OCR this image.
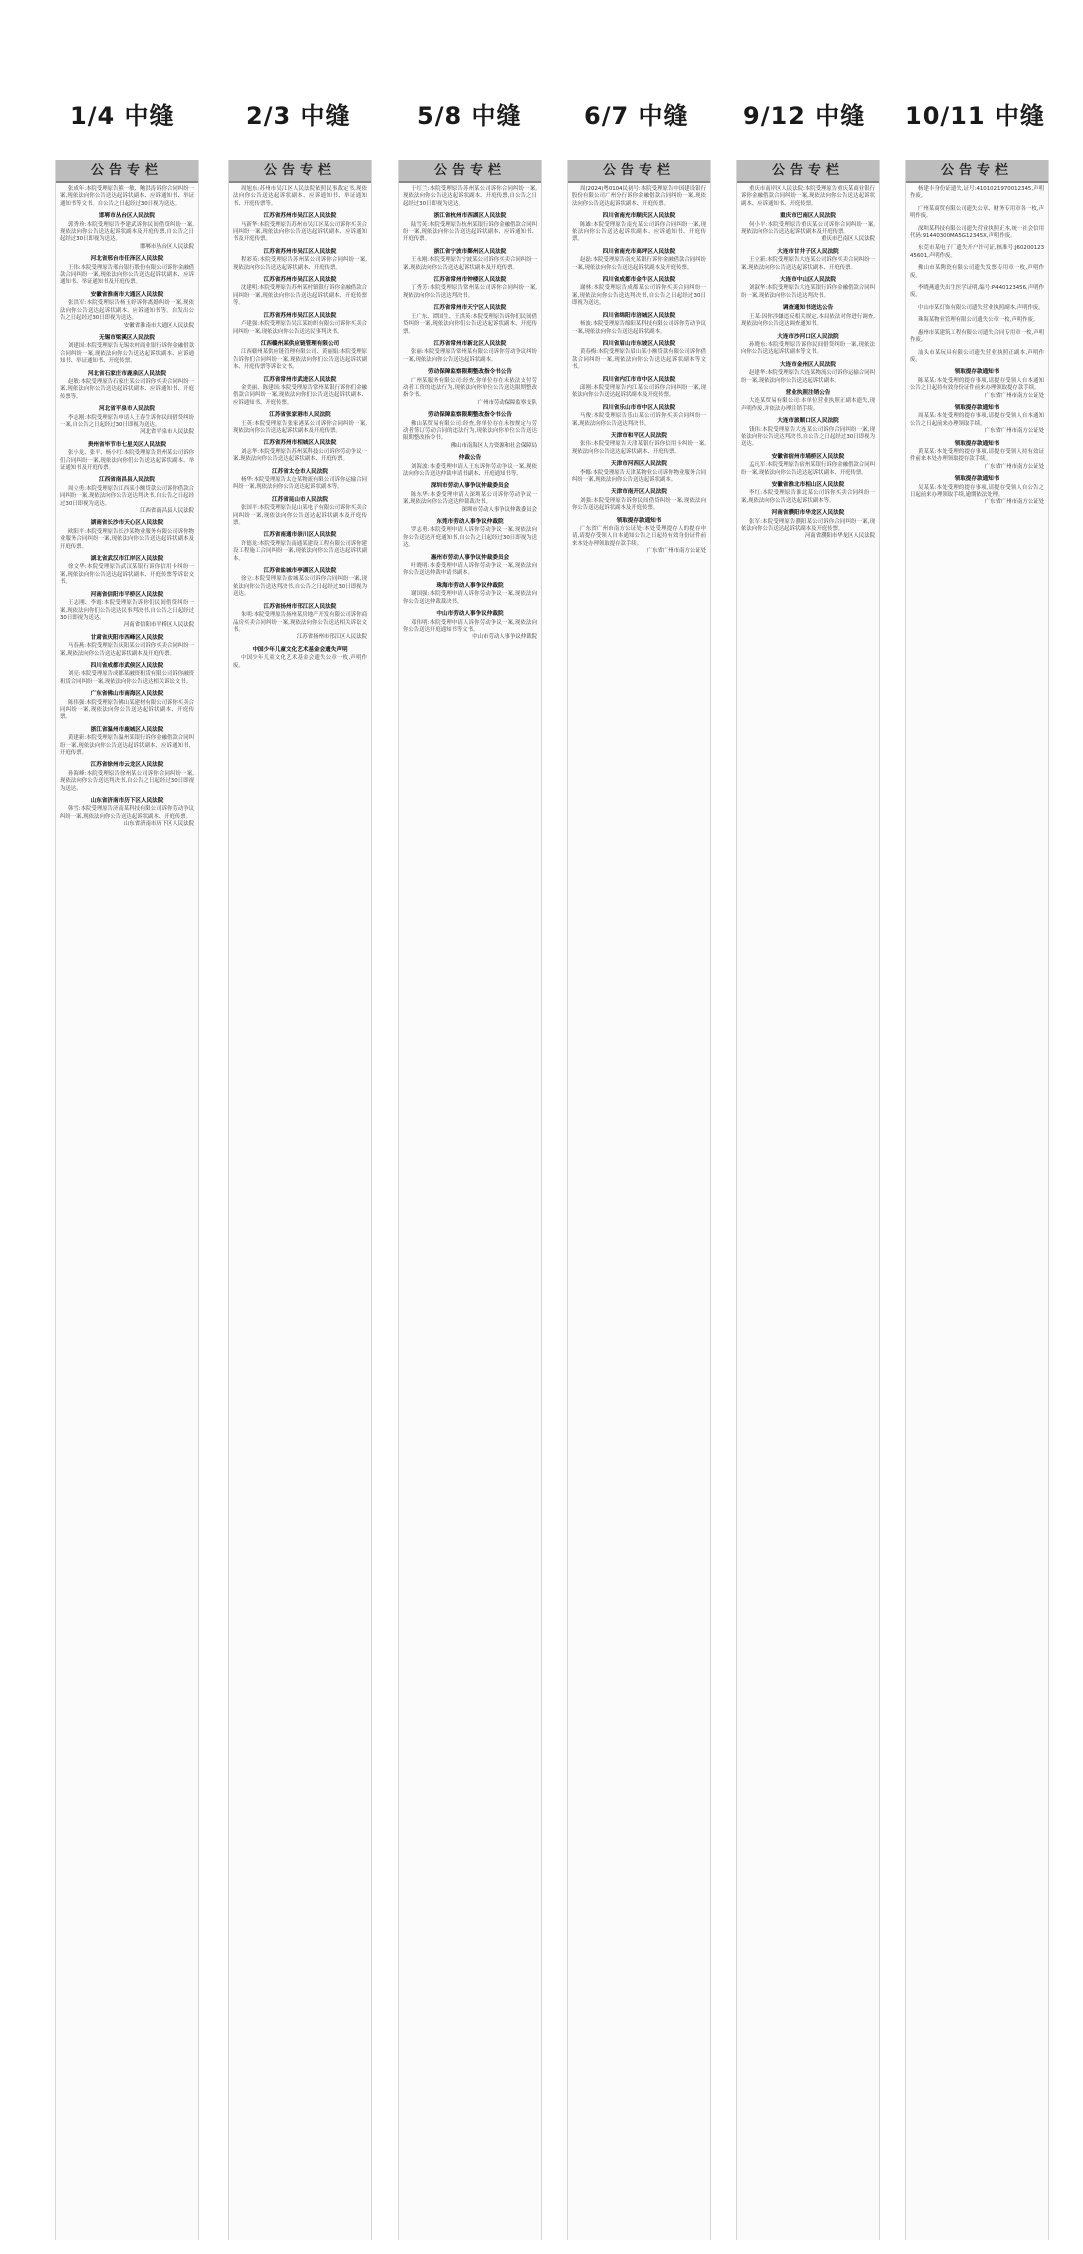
1/4 中缝	2/3 中缝	5/8 中缝	6/7 中缝 9/12 中缝 10/11 中缝
公告专栏

张成年:本院受理原告熊一敏、鲍洪涛诉你合同纠纷一案,现依法向你公告送达起诉状副本、应诉通知书、举证通知书等文书。自公告之日起经过30日视为送达。

邯郸市丛台区人民法院

郭秀珍:本院受理原告李建武诉你民间借贷纠纷一案,现依法向你公告送达起诉状副本及开庭传票,自公告之日起经过30日即视为送达。

邯郸市丛台区人民法院

河北省邢台市任泽区人民法院

王伟:本院受理原告邢台银行股份有限公司诉你金融借款合同纠纷一案,现依法向你公告送达起诉状副本、应诉通知书、举证通知书及开庭传票。

安徽省淮南市大通区人民法院

张洪军:本院受理原告杨玉婷诉你离婚纠纷一案,现依法向你公告送达起诉状副本、应诉通知书等。自发出公告之日起经过30日即视为送达。

安徽省淮南市大通区人民法院

无锡市梁溪区人民法院

刘建国:本院受理原告无锡农村商业银行诉你金融借款合同纠纷一案,现依法向你公告送达起诉状副本、应诉通知书、举证通知书、开庭传票。

河北省石家庄市鹿泉区人民法院

赵敏:本院受理原告石家庄某公司诉你买卖合同纠纷一案,现依法向你公告送达起诉状副本、应诉通知书、开庭传票等。

河北省平泉市人民法院

李志刚:本院受理原告申请人王春生诉你民间借贷纠纷一案,自公告之日起经过30日即视为送达。

河北省平泉市人民法院

贵州省毕节市七星关区人民法院

张小龙、张平、杨小红:本院受理原告贵州某公司诉你们合同纠纷一案,现依法向你们公告送达起诉状副本、举证通知书及开庭传票。

江西省南昌县人民法院

周立勇:本院受理原告江西某小额贷款公司诉你借款合同纠纷一案,现依法向你公告送达判决书,自公告之日起经过30日即视为送达。

江西省南昌县人民法院

湖南省长沙市天心区人民法院

欧阳平:本院受理原告长沙某物业服务有限公司诉你物业服务合同纠纷一案,现依法向你公告送达起诉状副本及开庭传票。

湖北省武汉市江岸区人民法院

徐文华:本院受理原告武汉某银行诉你信用卡纠纷一案,现依法向你公告送达起诉状副本、开庭传票等诉讼文书。

河南省信阳市平桥区人民法院

王志刚、李霞:本院受理原告诉你们民间借贷纠纷一案,现依法向你们公告送达民事判决书,自公告之日起经过30日即视为送达。

河南省信阳市平桥区人民法院

甘肃省庆阳市西峰区人民法院

马春燕:本院受理原告庆阳某公司诉你买卖合同纠纷一案,现依法向你公告送达起诉状副本及开庭传票。

四川省成都市武侯区人民法院

刘亮:本院受理原告成都某融资租赁有限公司诉你融资租赁合同纠纷一案,现依法向你公告送达相关诉讼文书。

广东省佛山市南海区人民法院

陈伟强:本院受理原告佛山某建材有限公司诉你买卖合同纠纷一案,现依法向你公告送达起诉状副本、开庭传票。

浙江省温州市鹿城区人民法院

黄建新:本院受理原告温州某银行诉你金融借款合同纠纷一案,现依法向你公告送达起诉状副本、应诉通知书、开庭传票。

江苏省徐州市云龙区人民法院

孙海峰:本院受理原告徐州某公司诉你合同纠纷一案,现依法向你公告送达判决书,自公告之日起经过30日即视为送达。

山东省济南市历下区人民法院

韩雪:本院受理原告济南某科技有限公司诉你劳动争议纠纷一案,现依法向你公告送达起诉状副本、开庭传票。

山东省济南市历下区人民法院

公告专栏

周旭东:苏州市吴江区人民法院依照民事裁定书,现依法向你公告送达起诉状副本、应诉通知书、举证通知书、开庭传票等。

江苏省苏州市吴江区人民法院

马新华:本院受理原告苏州市吴江区某公司诉你买卖合同纠纷一案,现依法向你公告送达起诉状副本、应诉通知书及开庭传票。

江苏省苏州市吴江区人民法院

程彩英:本院受理原告苏州某公司诉你合同纠纷一案,现依法向你公告送达起诉状副本、开庭传票。

江苏省苏州市吴江区人民法院

沈建明:本院受理原告苏州某村镇银行诉你金融借款合同纠纷一案,现依法向你公告送达起诉状副本、开庭传票等。

江苏省苏州市吴江区人民法院

卢建强:本院受理原告吴江某纺织有限公司诉你买卖合同纠纷一案,现依法向你公告送达民事判决书。

江西赣州某供应链管理有限公司

江西赣州某供应链管理有限公司、黄丽娟:本院受理原告诉你们合同纠纷一案,现依法向你们公告送达起诉状副本、开庭传票等诉讼文书。

江苏省常州市武进区人民法院

金美丽、陈建国:本院受理原告常州某银行诉你们金融借款合同纠纷一案,现依法向你们公告送达起诉状副本、应诉通知书、开庭传票。

江苏省张家港市人民法院

王英:本院受理原告张家港某公司诉你合同纠纷一案,现依法向你公告送达起诉状副本及开庭传票。

江苏省苏州市相城区人民法院

刘志华:本院受理原告苏州某科技公司诉你劳动争议一案,现依法向你公告送达起诉状副本、开庭传票。

江苏省太仓市人民法院

杨华:本院受理原告太仓某物流有限公司诉你运输合同纠纷一案,现依法向你公告送达起诉状副本等。

江苏省昆山市人民法院

张国平:本院受理原告昆山某电子有限公司诉你买卖合同纠纷一案,现依法向你公告送达起诉状副本及开庭传票。

江苏省南通市崇川区人民法院

许德龙:本院受理原告南通某建设工程有限公司诉你建设工程施工合同纠纷一案,现依法向你公告送达起诉状副本。

江苏省盐城市亭湖区人民法院

徐立:本院受理原告盐城某公司诉你合同纠纷一案,现依法向你公告送达判决书,自公告之日起经过30日即视为送达。

江苏省扬州市邗江区人民法院

朱明:本院受理原告扬州某房地产开发有限公司诉你商品房买卖合同纠纷一案,现依法向你公告送达相关诉讼文书。

江苏省扬州市邗江区人民法院

中国少年儿童文化艺术基金会遗失声明

中国少年儿童文化艺术基金会遗失公章一枚,声明作废。

公告专栏

于红兰:本院受理原告苏州某公司诉你合同纠纷一案,现依法向你公告送达起诉状副本、开庭传票,自公告之日起经过30日即视为送达。

浙江省杭州市西湖区人民法院

陆雪英:本院受理原告杭州某银行诉你金融借款合同纠纷一案,现依法向你公告送达起诉状副本、应诉通知书、开庭传票。

浙江省宁波市鄞州区人民法院

王永刚:本院受理原告宁波某公司诉你买卖合同纠纷一案,现依法向你公告送达起诉状副本及开庭传票。

江苏省常州市钟楼区人民法院

丁秀芳:本院受理原告常州某公司诉你合同纠纷一案,现依法向你公告送达判决书。

江苏省常州市天宁区人民法院

王广东、谭国生、王洪英:本院受理原告诉你们民间借贷纠纷一案,现依法向你们公告送达起诉状副本、开庭传票。

江苏省常州市新北区人民法院

张丽:本院受理原告常州某有限公司诉你劳动争议纠纷一案,现依法向你公告送达起诉状副本。

劳动保障监察限期整改指令书公告

广州某服务有限公司:经查,你单位存在未依法支付劳动者工资的违法行为,现依法向你单位公告送达限期整改指令书。

广州市劳动保障监察支队

劳动保障监察限期整改指令书公告

佛山某贸易有限公司:经查,你单位存在未按规定与劳动者签订劳动合同的违法行为,现依法向你单位公告送达限期整改指令书。

佛山市南海区人力资源和社会保障局

仲裁公告

刘海波:本委受理申请人王东诉你劳动争议一案,现依法向你公告送达仲裁申请书副本、开庭通知书等。

深圳市劳动人事争议仲裁委员会

陈东华:本委受理申请人深圳某公司诉你劳动争议一案,现依法向你公告送达仲裁裁决书。

深圳市劳动人事争议仲裁委员会

东莞市劳动人事争议仲裁院

罗志勇:本院受理申请人诉你劳动争议一案,现依法向你公告送达开庭通知书,自公告之日起经过30日即视为送达。

惠州市劳动人事争议仲裁委员会

叶晓明:本委受理申请人诉你劳动争议一案,现依法向你公告送达仲裁申请书副本。

珠海市劳动人事争议仲裁院

谢国强:本院受理申请人诉你劳动争议一案,现依法向你公告送达仲裁裁决书。

中山市劳动人事争议仲裁院

邓伟明:本院受理申请人诉你劳动争议一案,现依法向你公告送达开庭通知书等文书。

中山市劳动人事争议仲裁院

公告专栏

周(2024)粤0104民初号:本院受理原告中国建设银行股份有限公司广州分行诉你金融借款合同纠纷一案,现依法向你公告送达起诉状副本、开庭传票。

四川省南充市顺庆区人民法院

陈雄:本院受理原告南充某公司诉你合同纠纷一案,现依法向你公告送达起诉状副本、应诉通知书、开庭传票。

四川省南充市高坪区人民法院

赵磊:本院受理原告南充某银行诉你金融借款合同纠纷一案,现依法向你公告送达起诉状副本及开庭传票。

四川省成都市金牛区人民法院

谢林:本院受理原告成都某公司诉你买卖合同纠纷一案,现依法向你公告送达判决书,自公告之日起经过30日即视为送达。

四川省绵阳市涪城区人民法院

杨波:本院受理原告绵阳某科技有限公司诉你劳动争议一案,现依法向你公告送达起诉状副本。

四川省眉山市东坡区人民法院

黄春梅:本院受理原告眉山某小额贷款有限公司诉你借款合同纠纷一案,现依法向你公告送达起诉状副本等文书。

四川省内江市市中区人民法院

邱刚:本院受理原告内江某公司诉你合同纠纷一案,现依法向你公告送达起诉状副本及开庭传票。

四川省乐山市市中区人民法院

马俊:本院受理原告乐山某公司诉你买卖合同纠纷一案,现依法向你公告送达判决书。

天津市和平区人民法院

张伟:本院受理原告天津某银行诉你信用卡纠纷一案,现依法向你公告送达起诉状副本、开庭传票。

天津市河西区人民法院

李娜:本院受理原告天津某物业公司诉你物业服务合同纠纷一案,现依法向你公告送达起诉状副本。

天津市南开区人民法院

刘强:本院受理原告诉你民间借贷纠纷一案,现依法向你公告送达起诉状副本及开庭传票。

领取提存款通知书

广东省广州市南方公证处:本处受理提存人的提存申请,请提存受领人自本通知公告之日起持有效身份证件前来本处办理领取提存款手续。

广东省广州市南方公证处

公告专栏

重庆市南岸区人民法院:本院受理原告重庆某商业银行诉你金融借款合同纠纷一案,现依法向你公告送达起诉状副本、应诉通知书、开庭传票。

重庆市巴南区人民法院

何小平:本院受理原告重庆某公司诉你合同纠纷一案,现依法向你公告送达起诉状副本及开庭传票。

重庆市巴南区人民法院

大连市甘井子区人民法院

王立新:本院受理原告大连某公司诉你买卖合同纠纷一案,现依法向你公告送达起诉状副本、开庭传票。

大连市中山区人民法院

刘淑华:本院受理原告大连某银行诉你金融借款合同纠纷一案,现依法向你公告送达判决书。

调查通知书送达公告

王某:因你涉嫌违反相关规定,本局依法对你进行调查,现依法向你公告送达调查通知书。

大连市沙河口区人民法院

孙晓东:本院受理原告诉你民间借贷纠纷一案,现依法向你公告送达起诉状副本等文书。

大连市金州区人民法院

赵建华:本院受理原告大连某物流公司诉你运输合同纠纷一案,现依法向你公告送达起诉状副本。

营业执照注销公告

大连某贸易有限公司:本单位营业执照正副本遗失,现声明作废,并依法办理注销手续。

大连市旅顺口区人民法院

钱伟:本院受理原告大连某公司诉你合同纠纷一案,现依法向你公告送达判决书,自公告之日起经过30日即视为送达。

安徽省宿州市埇桥区人民法院

孟凡军:本院受理原告宿州某银行诉你金融借款合同纠纷一案,现依法向你公告送达起诉状副本、开庭传票。

安徽省淮北市相山区人民法院

李红:本院受理原告淮北某公司诉你买卖合同纠纷一案,现依法向你公告送达起诉状副本等。

河南省濮阳市华龙区人民法院

张军:本院受理原告濮阳某公司诉你合同纠纷一案,现依法向你公告送达起诉状副本及开庭传票。

河南省濮阳市华龙区人民法院

公告专栏

杨建丰身份证遗失,证号:4101021970012345,声明作废。

广州某商贸有限公司遗失公章、财务专用章各一枚,声明作废。

深圳某科技有限公司遗失营业执照正本,统一社会信用代码:91440300MA5G12345X,声明作废。

东莞市某电子厂遗失开户许可证,核准号:J6020012345601,声明作废。

佛山市某陶瓷有限公司遗失发票专用章一枚,声明作废。

李晓燕遗失出生医学证明,编号:P440123456,声明作废。

中山市某灯饰有限公司遗失营业执照副本,声明作废。

珠海某物业管理有限公司遗失公章一枚,声明作废。

惠州市某建筑工程有限公司遗失合同专用章一枚,声明作废。

汕头市某玩具有限公司遗失营业执照正副本,声明作废。

领取提存款通知书

陈某某:本处受理的提存事项,请提存受领人自本通知公告之日起持有效身份证件前来办理领取提存款手续。

广东省广州市南方公证处

领取提存款通知书

周某某:本处受理的提存事项,请提存受领人自本通知公告之日起前来办理领取手续。

广东省广州市南方公证处

领取提存款通知书

黄某某:本处受理的提存事项,请提存受领人持有效证件前来本处办理领取提存款手续。

广东省广州市南方公证处

领取提存款通知书

吴某某:本处受理的提存事项,请提存受领人自公告之日起前来办理领取手续,逾期依法处理。

广东省广州市南方公证处
